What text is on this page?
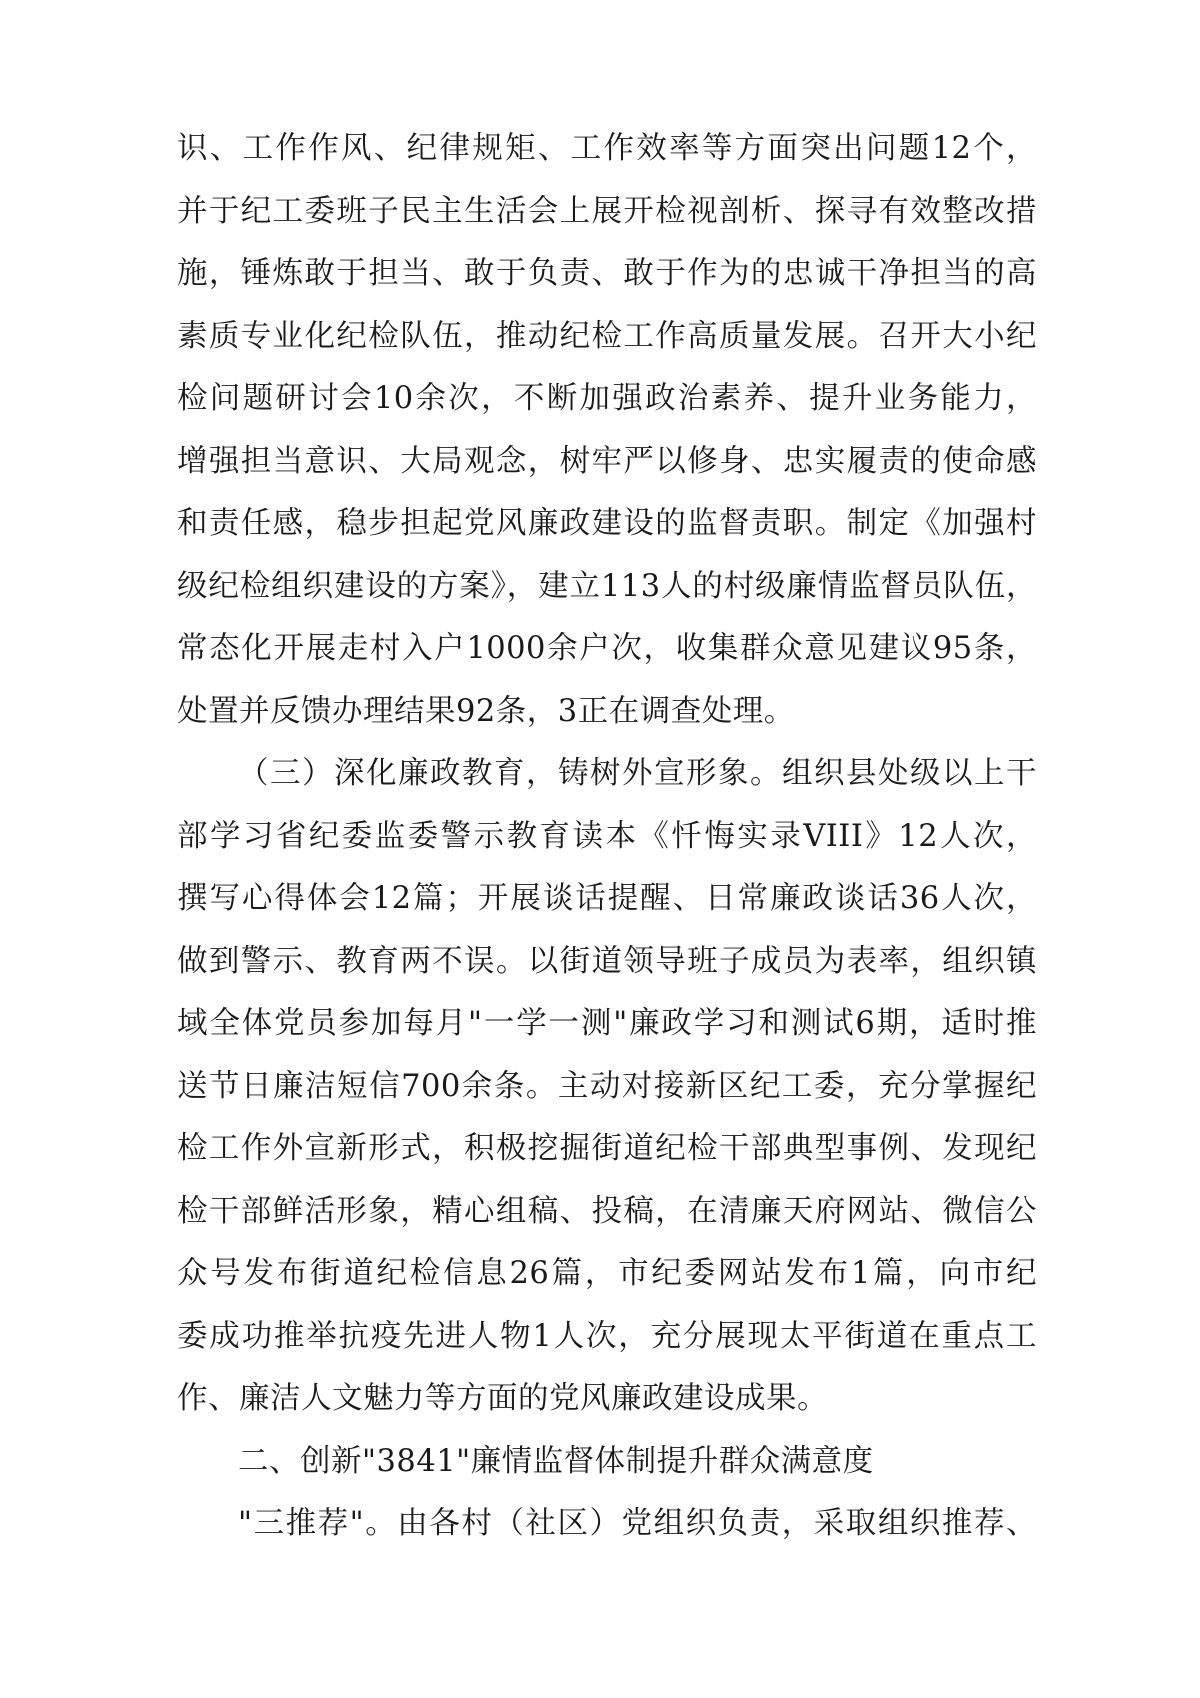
识、工作作风、纪律规矩、工作效率等方面突出问题12个，
并于纪工委班子民主生活会上展开检视剖析、探寻有效整改措
施，锤炼敢于担当、敢于负责、敢于作为的忠诚干净担当的高
素质专业化纪检队伍，推动纪检工作高质量发展。召开大小纪
检问题研讨会10余次，不断加强政治素养、提升业务能力，
增强担当意识、大局观念，树牢严以修身、忠实履责的使命感
和责任感，稳步担起党风廉政建设的监督责职。制定《加强村
级纪检组织建设的方案》，建立113人的村级廉情监督员队伍，
常态化开展走村入户1000余户次，收集群众意见建议95条，
处置并反馈办理结果92条，3正在调查处理。
（三）深化廉政教育，铸树外宣形象。组织县处级以上干
部学习省纪委监委警示教育读本《忏悔实录VIII》12人次，
撰写心得体会12篇；开展谈话提醒、日常廉政谈话36人次，
做到警示、教育两不误。以街道领导班子成员为表率，组织镇
域全体党员参加每月"一学一测"廉政学习和测试6期，适时推
送节日廉洁短信700余条。主动对接新区纪工委，充分掌握纪
检工作外宣新形式，积极挖掘街道纪检干部典型事例、发现纪
检干部鲜活形象，精心组稿、投稿，在清廉天府网站、微信公
众号发布街道纪检信息26篇，市纪委网站发布1篇，向市纪
委成功推举抗疫先进人物1人次，充分展现太平街道在重点工
作、廉洁人文魅力等方面的党风廉政建设成果。
二、创新"3841"廉情监督体制提升群众满意度
"三推荐"。由各村（社区）党组织负责，采取组织推荐、
